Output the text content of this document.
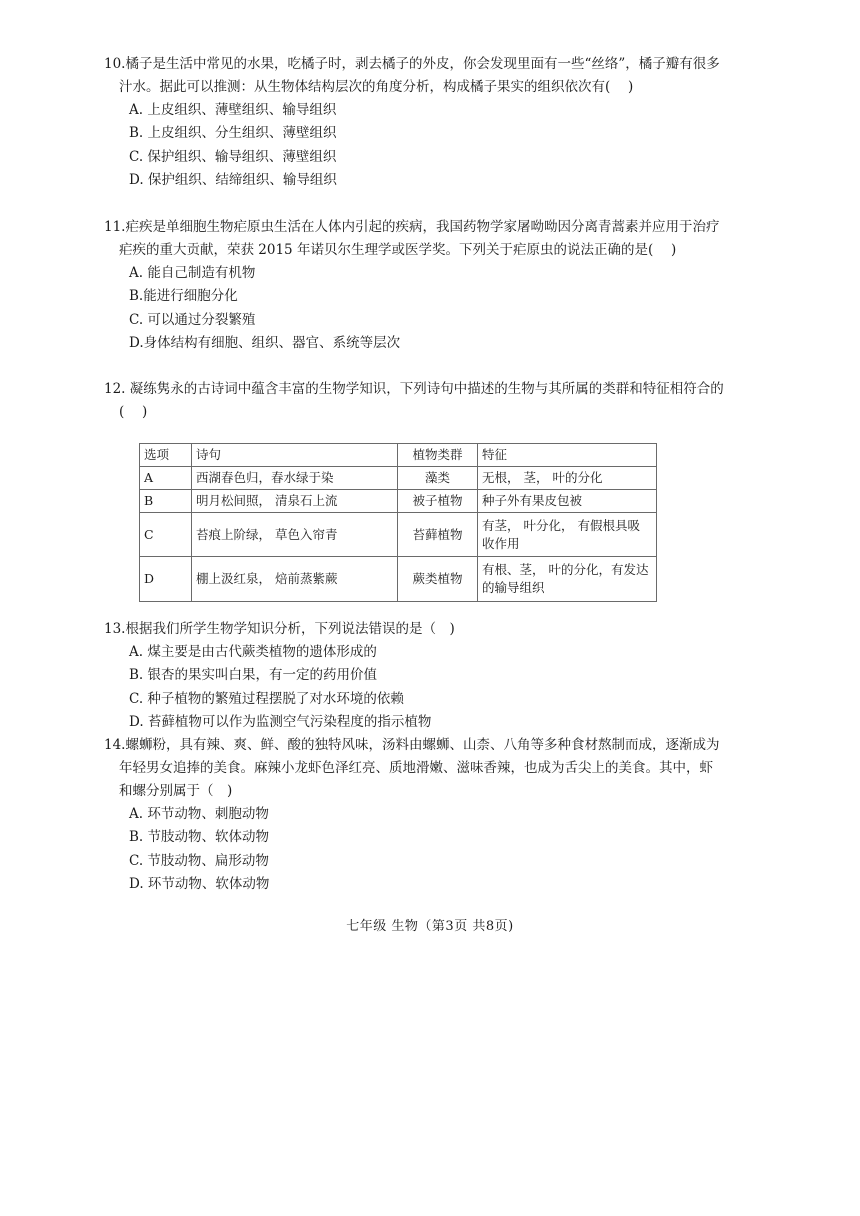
10.橘子是生活中常见的水果，吃橘子时，剥去橘子的外皮，你会发现里面有一些“丝络”，橘子瓣有很多汁水。据此可以推测：从生物体结构层次的角度分析，构成橘子果实的组织依次有(　 )

A. 上皮组织、薄壁组织、输导组织
B. 上皮组织、分生组织、薄壁组织
C. 保护组织、输导组织、薄壁组织
D. 保护组织、结缔组织、输导组织

11.疟疾是单细胞生物疟原虫生活在人体内引起的疾病，我国药物学家屠呦呦因分离青蒿素并应用于治疗疟疾的重大贡献，荣获 2015 年诺贝尔生理学或医学奖。下列关于疟原虫的说法正确的是(　 )

A. 能自己制造有机物
B.能进行细胞分化
C. 可以通过分裂繁殖
D.身体结构有细胞、组织、器官、系统等层次

12. 凝练隽永的古诗词中蕴含丰富的生物学知识，下列诗句中描述的生物与其所属的类群和特征相符合的(　 )

选项	诗句	植物类群	特征
A	西湖春色归，春水绿于染	藻类	无根， 茎， 叶的分化
B	明月松间照， 清泉石上流	被子植物	种子外有果皮包被
C	苔痕上阶绿， 草色入帘青	苔藓植物	有茎， 叶分化， 有假根具吸收作用
D	棚上汲红泉， 焙前蒸紫蕨	蕨类植物	有根、茎， 叶的分化，有发达的输导组织

13.根据我们所学生物学知识分析，下列说法错误的是（　)

A. 煤主要是由古代蕨类植物的遗体形成的
B. 银杏的果实叫白果，有一定的药用价值
C. 种子植物的繁殖过程摆脱了对水环境的依赖
D. 苔藓植物可以作为监测空气污染程度的指示植物

14.螺蛳粉，具有辣、爽、鲜、酸的独特风味，汤料由螺蛳、山柰、八角等多种食材熬制而成，逐渐成为年轻男女追捧的美食。麻辣小龙虾色泽红亮、质地滑嫩、滋味香辣，也成为舌尖上的美食。其中，虾和螺分别属于（　)

A. 环节动物、刺胞动物
B. 节肢动物、软体动物
C. 节肢动物、扁形动物
D. 环节动物、软体动物
七年级 生物（第3页 共8页)
